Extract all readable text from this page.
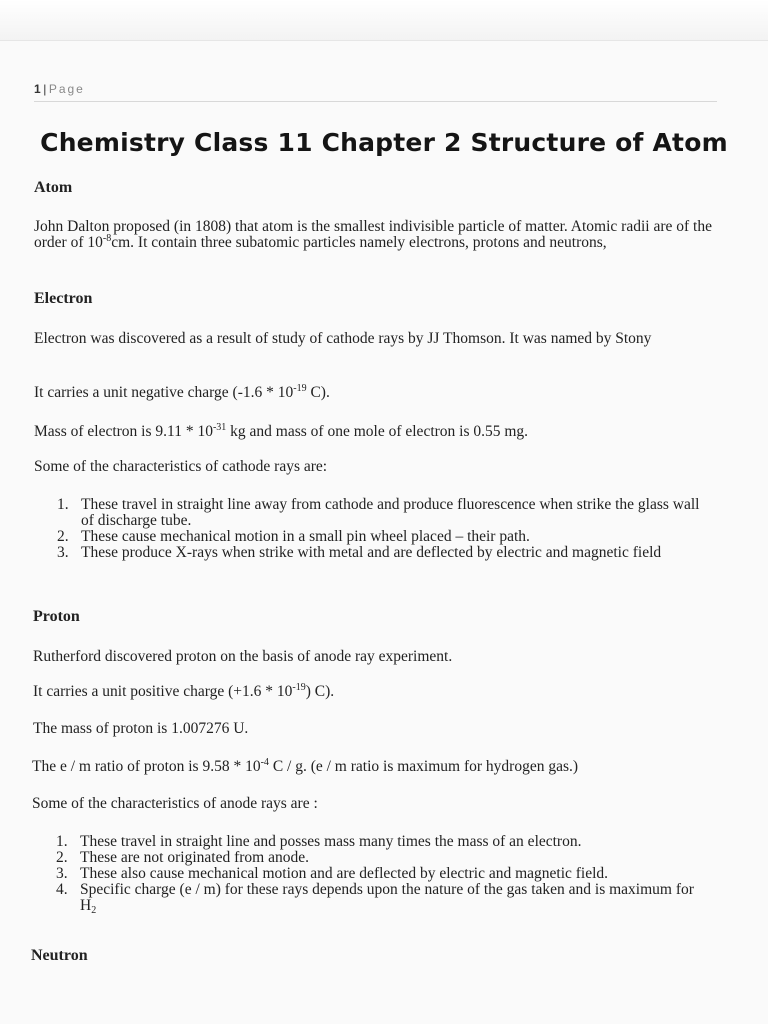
1 | Page
Chemistry Class 11 Chapter 2 Structure of Atom
Atom
John Dalton proposed (in 1808) that atom is the smallest indivisible particle of matter. Atomic radii are of the order of $10^{-8}cm$. It contain three subatomic particles namely electrons, protons and neutrons,
Electron
Electron was discovered as a result of study of cathode rays by JJ Thomson. It was named by Stony
It carries a unit negative charge ($-1.6 * 10^{-19}$ C).
Mass of electron is $9.11 * 10^{-31}$ kg and mass of one mole of electron is 0.55 mg.
Some of the characteristics of cathode rays are:
1. These travel in straight line away from cathode and produce fluorescence when strike the glass wall of discharge tube.
2. These cause mechanical motion in a small pin wheel placed – their path.
3. These produce X-rays when strike with metal and are deflected by electric and magnetic field
Proton
Rutherford discovered proton on the basis of anode ray experiment.
It carries a unit positive charge $(+1.6 * 10^{-19})$ C).
The mass of proton is 1.007276 U.
The e / m ratio of proton is $9.58 * 10^{-4}$ C / g. (e / m ratio is maximum for hydrogen gas.)
Some of the characteristics of anode rays are :
1. These travel in straight line and posses mass many times the mass of an electron.
2. These are not originated from anode.
3. These also cause mechanical motion and are deflected by electric and magnetic field.
4. Specific charge (e / m) for these rays depends upon the nature of the gas taken and is maximum for $H_2$
Neutron
